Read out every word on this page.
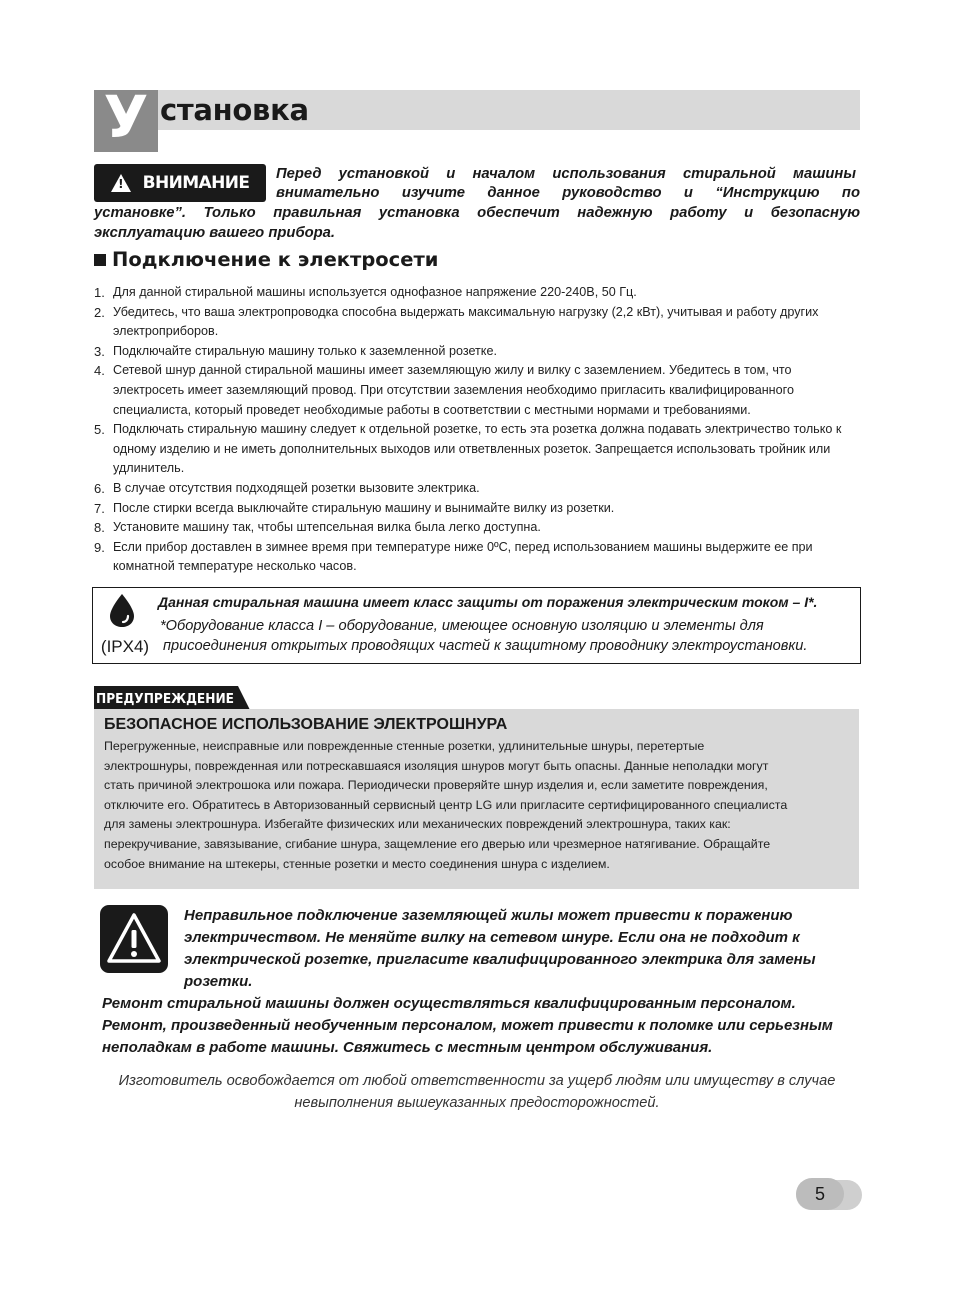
У становка
! ВНИМАНИЕ Перед установкой и началом использования стиральной машины
внимательно изучите данное руководство и “Инструкцию по
установке”. Только правильная установка обеспечит надежную работу и безопасную
эксплуатацию вашего прибора.
Подключение к электросети
1. Для данной стиральной машины используется однофазное напряжение 220-240В, 50 Гц.
2. Убедитесь, что ваша электропроводка способна выдержать максимальную нагрузку (2,2 кВт), учитывая и работу других электроприборов.
3. Подключайте стиральную машину только к заземленной розетке.
4. Сетевой шнур данной стиральной машины имеет заземляющую жилу и вилку с заземлением. Убедитесь в том, что электросеть имеет заземляющий провод. При отсутствии заземления необходимо пригласить квалифицированного специалиста, который проведет необходимые работы в соответствии с местными нормами и требованиями.
5. Подключать стиральную машину следует к отдельной розетке, то есть эта розетка должна подавать электричество только к одному изделию и не иметь дополнительных выходов или ответвленных розеток. Запрещается использовать тройник или удлинитель.
6. В случае отсутствия подходящей розетки вызовите электрика.
7. После стирки всегда выключайте стиральную машину и вынимайте вилку из розетки.
8. Установите машину так, чтобы штепсельная вилка была легко доступна.
9. Если прибор доставлен в зимнее время при температуре ниже 0ºC, перед использованием машины выдержите ее при комнатной температуре несколько часов.
(IPX4)
Данная стиральная машина имеет класс защиты от поражения электрическим током – I*.
*Оборудование класса I – оборудование, имеющее основную изоляцию и элементы для
присоединения открытых проводящих частей к защитному проводнику электроустановки.
ПРЕДУПРЕЖДЕНИЕ
БЕЗОПАСНОЕ ИСПОЛЬЗОВАНИЕ ЭЛЕКТРОШНУРА
Перегруженные, неисправные или поврежденные стенные розетки, удлинительные шнуры, перетертые
электрошнуры, поврежденная или потрескавшаяся изоляция шнуров могут быть опасны. Данные неполадки могут
стать причиной электрошока или пожара. Периодически проверяйте шнур изделия и, если заметите повреждения,
отключите его. Обратитесь в Авторизованный сервисный центр LG или пригласите сертифицированного специалиста
для замены электрошнура. Избегайте физических или механических повреждений электрошнура, таких как:
перекручивание, завязывание, сгибание шнура, защемление его дверью или чрезмерное натягивание. Обращайте
особое внимание на штекеры, стенные розетки и место соединения шнура с изделием.
Неправильное подключение заземляющей жилы может привести к поражению
электричеством. Не меняйте вилку на сетевом шнуре. Если она не подходит к
электрической розетке, пригласите квалифицированного электрика для замены
розетки.
Ремонт стиральной машины должен осуществляться квалифицированным персоналом.
Ремонт, произведенный необученным персоналом, может привести к поломке или серьезным
неполадкам в работе машины. Свяжитесь с местным центром обслуживания.
Изготовитель освобождается от любой ответственности за ущерб людям или имуществу в случае
невыполнения вышеуказанных предосторожностей.
5
